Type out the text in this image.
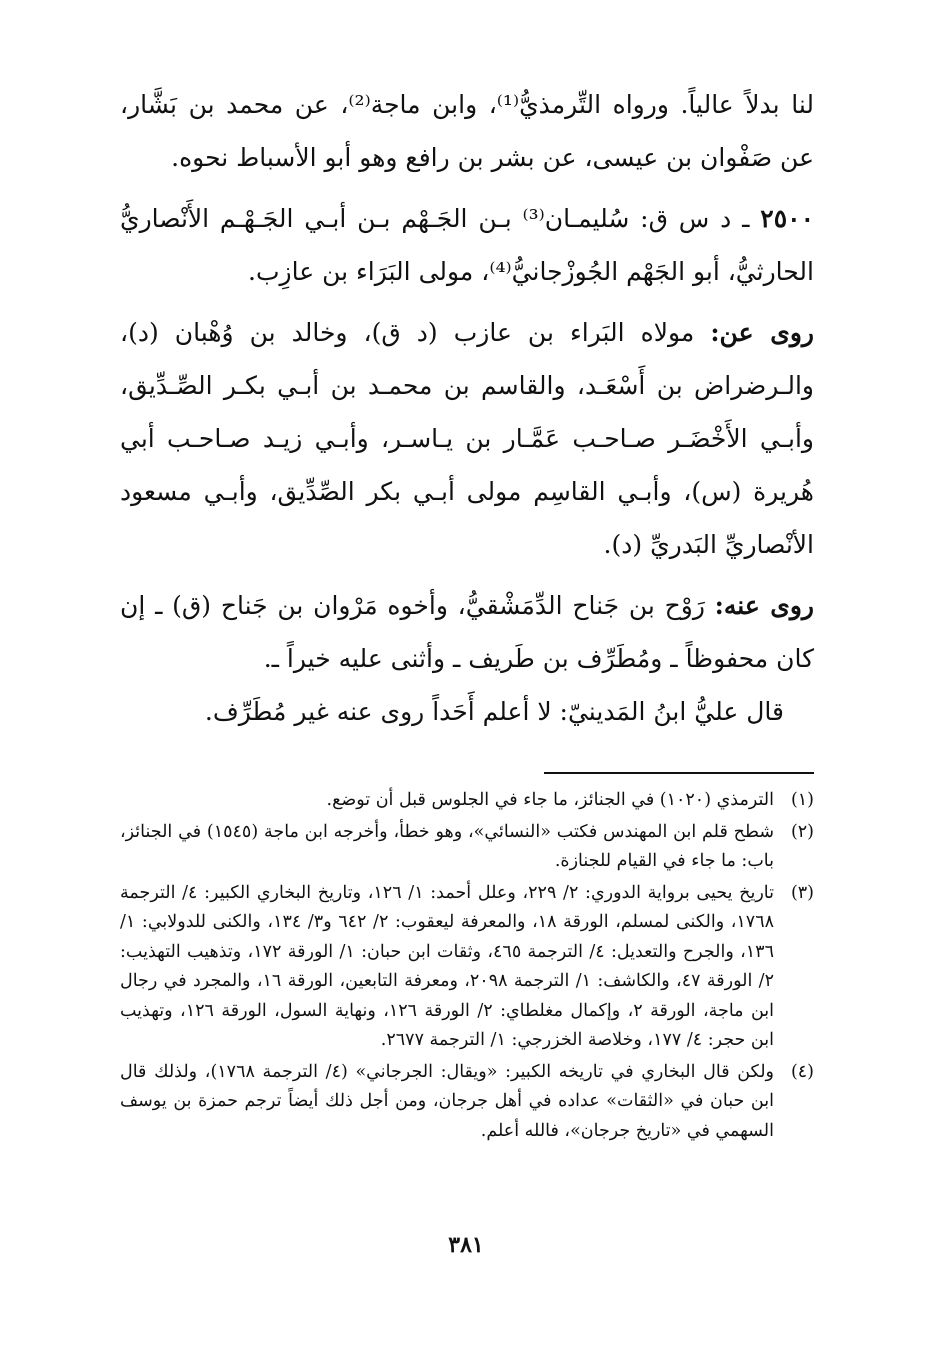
لنا بدلاً عالياً. ورواه التِّرمذيُّ⁽¹⁾، وابن ماجة⁽²⁾، عن محمد بن بَشَّار، عن صَفْوان بن عيسى، عن بشر بن رافع وهو أبو الأسباط نحوه.

٢٥٠٠ ـ د س ق: سُليمـان⁽³⁾ بـن الجَـهْم بـن أبـي الجَـهْـم الأَنْصاريُّ الحارثيُّ، أبو الجَهْم الجُوزْجانيُّ⁽⁴⁾، مولى البَرَاء بن عازِب.

روى عن: مولاه البَراء بن عازب (د ق)، وخالد بن وُهْبان (د)، والـرضراض بن أَسْعَـد، والقاسم بن محمـد بن أبـي بكـر الصِّـدِّيق، وأبـي الأَخْضَـر صـاحـب عَمَّـار بن يـاسـر، وأبـي زيـد صـاحـب أبي هُريرة (س)، وأبـي القاسِم مولى أبـي بكر الصِّدِّيق، وأبـي مسعود الأنْصاريِّ البَدريِّ (د).

روى عنه: رَوْح بن جَناح الدِّمَشْقيُّ، وأخوه مَرْوان بن جَناح (ق) ـ إن كان محفوظاً ـ ومُطَرِّف بن طَريف ـ وأثنى عليه خيراً ـ.

قال عليُّ ابنُ المَدينيّ: لا أعلم أَحَداً روى عنه غير مُطَرِّف.

(١)
الترمذي (١٠٢٠) في الجنائز، ما جاء في الجلوس قبل أن توضع.
(٢)
شطح قلم ابن المهندس فكتب «النسائي»، وهو خطأ، وأخرجه ابن ماجة (١٥٤٥) في الجنائز، باب: ما جاء في القيام للجنازة.
(٣)
تاريخ يحيى برواية الدوري: ٢/ ٢٢٩، وعلل أحمد: ١/ ١٢٦، وتاريخ البخاري الكبير: ٤/ الترجمة ١٧٦٨، والكنى لمسلم، الورقة ١٨، والمعرفة ليعقوب: ٢/ ٦٤٢ و٣/ ١٣٤، والكنى للدولابي: ١/ ١٣٦، والجرح والتعديل: ٤/ الترجمة ٤٦٥، وثقات ابن حبان: ١/ الورقة ١٧٢، وتذهيب التهذيب: ٢/ الورقة ٤٧، والكاشف: ١/ الترجمة ٢٠٩٨، ومعرفة التابعين، الورقة ١٦، والمجرد في رجال ابن ماجة، الورقة ٢، وإكمال مغلطاي: ٢/ الورقة ١٢٦، ونهاية السول، الورقة ١٢٦، وتهذيب ابن حجر: ٤/ ١٧٧، وخلاصة الخزرجي: ١/ الترجمة ٢٦٧٧.
(٤)
ولكن قال البخاري في تاريخه الكبير: «ويقال: الجرجاني» (٤/ الترجمة ١٧٦٨)، ولذلك قال ابن حبان في «الثقات» عداده في أهل جرجان، ومن أجل ذلك أيضاً ترجم حمزة بن يوسف السهمي في «تاريخ جرجان»، فالله أعلم.
٣٨١
